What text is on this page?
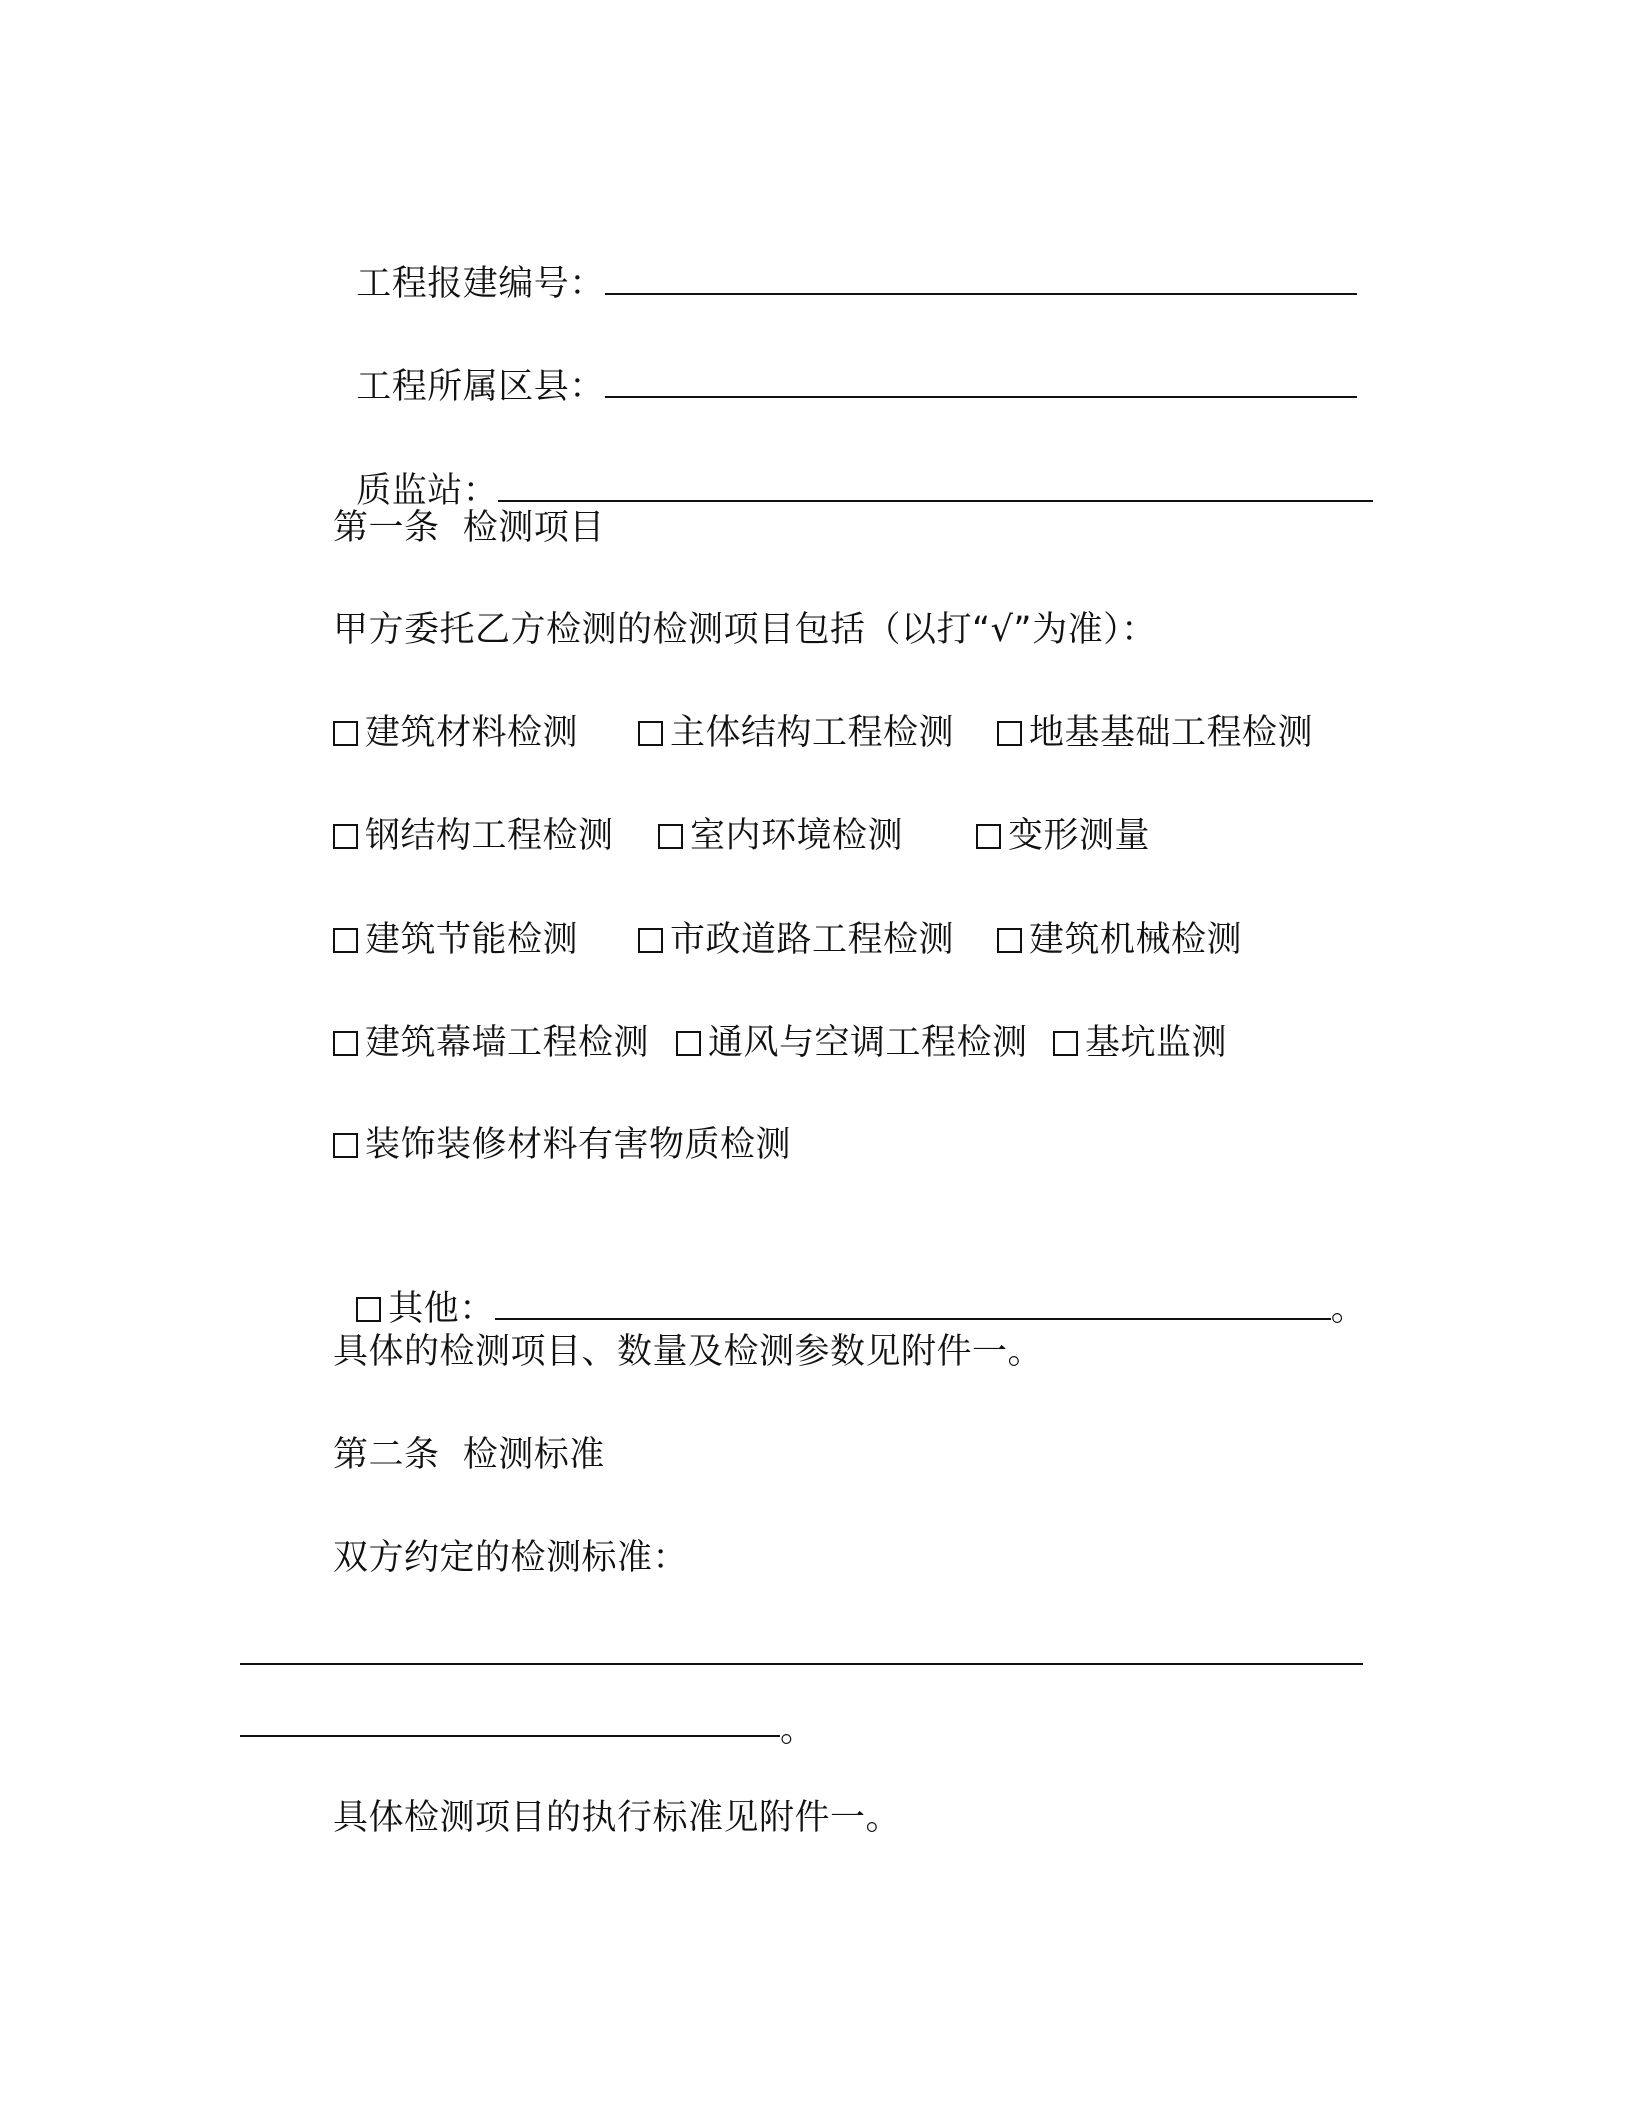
工程报建编号：

工程所属区县：

质监站：

第一条  检测项目
甲方委托乙方检测的检测项目包括（以打“√”为准）：

建筑材料检测

	主体结构工程检测

	地基基础工程检测

钢结构工程检测

	室内环境检测

	变形测量

建筑节能检测

	市政道路工程检测

	建筑机械检测

建筑幕墙工程检测

	通风与空调工程检测

	基坑监测

装饰装修材料有害物质检测

其他：	。

具体的检测项目、数量及检测参数见附件一。
第二条  检测标准
双方约定的检测标准：
。
具体检测项目的执行标准见附件一。
